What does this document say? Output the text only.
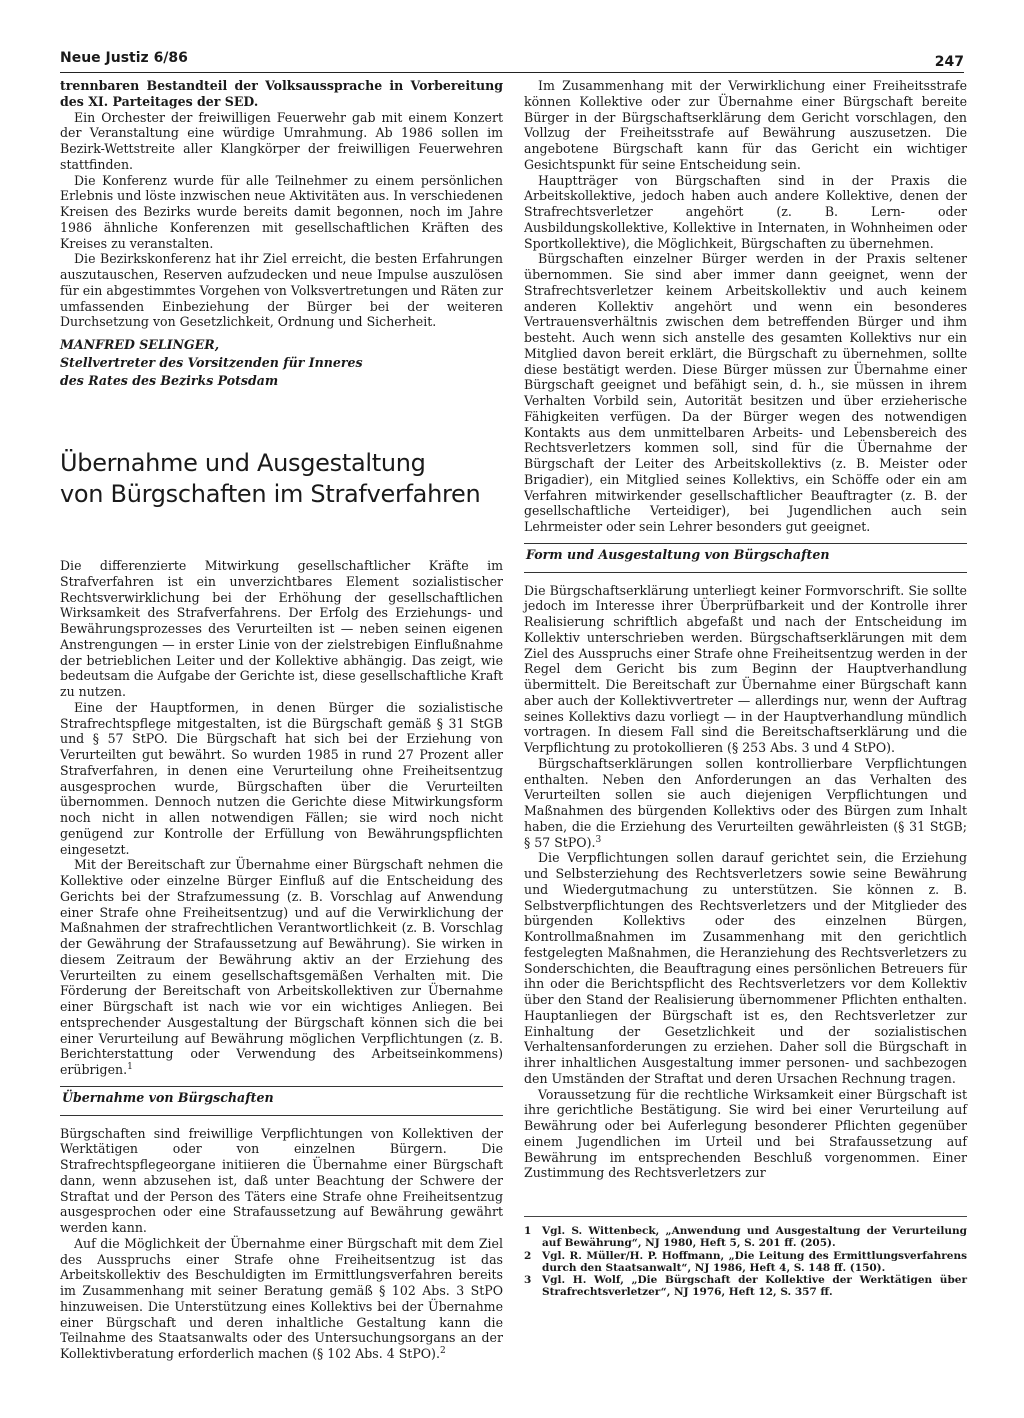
Neue Justiz 6/86	247

trennbaren Bestandteil der Volksaussprache in Vorbereitung des XI. Parteitages der SED.

Ein Orchester der freiwilligen Feuerwehr gab mit einem Konzert der Veranstaltung eine würdige Umrahmung. Ab 1986 sollen im Bezirk-Wettstreite aller Klangkörper der freiwilligen Feuerwehren stattfinden.

Die Konferenz wurde für alle Teilnehmer zu einem persönlichen Erlebnis und löste inzwischen neue Aktivitäten aus. In verschiedenen Kreisen des Bezirks wurde bereits damit begonnen, noch im Jahre 1986 ähnliche Konferenzen mit gesellschaftlichen Kräften des Kreises zu veranstalten.

Die Bezirkskonferenz hat ihr Ziel erreicht, die besten Erfahrungen auszutauschen, Reserven aufzudecken und neue Impulse auszulösen für ein abgestimmtes Vorgehen von Volksvertretungen und Räten zur umfassenden Einbeziehung der Bürger bei der weiteren Durchsetzung von Gesetzlichkeit, Ordnung und Sicherheit.

MANFRED SELINGER,
Stellvertreter des Vorsitzenden für Inneres
des Rates des Bezirks Potsdam
Übernahme und Ausgestaltung
von Bürgschaften im Strafverfahren

Die differenzierte Mitwirkung gesellschaftlicher Kräfte im Strafverfahren ist ein unverzichtbares Element sozialistischer Rechtsverwirklichung bei der Erhöhung der gesellschaftlichen Wirksamkeit des Strafverfahrens. Der Erfolg des Erziehungs- und Bewährungsprozesses des Verurteilten ist — neben seinen eigenen Anstrengungen — in erster Linie von der zielstrebigen Einflußnahme der betrieblichen Leiter und der Kollektive abhängig. Das zeigt, wie bedeutsam die Aufgabe der Gerichte ist, diese gesellschaftliche Kraft zu nutzen.

Eine der Hauptformen, in denen Bürger die sozialistische Strafrechtspflege mitgestalten, ist die Bürgschaft gemäß § 31 StGB und § 57 StPO. Die Bürgschaft hat sich bei der Erziehung von Verurteilten gut bewährt. So wurden 1985 in rund 27 Prozent aller Strafverfahren, in denen eine Verurteilung ohne Freiheitsentzug ausgesprochen wurde, Bürgschaften über die Verurteilten übernommen. Dennoch nutzen die Gerichte diese Mitwirkungsform noch nicht in allen notwendigen Fällen; sie wird noch nicht genügend zur Kontrolle der Erfüllung von Bewährungspflichten eingesetzt.

Mit der Bereitschaft zur Übernahme einer Bürgschaft nehmen die Kollektive oder einzelne Bürger Einfluß auf die Entscheidung des Gerichts bei der Strafzumessung (z. B. Vorschlag auf Anwendung einer Strafe ohne Freiheitsentzug) und auf die Verwirklichung der Maßnahmen der strafrechtlichen Verantwortlichkeit (z. B. Vorschlag der Gewährung der Strafaussetzung auf Bewährung). Sie wirken in diesem Zeitraum der Bewährung aktiv an der Erziehung des Verurteilten zu einem gesellschaftsgemäßen Verhalten mit. Die Förderung der Bereitschaft von Arbeitskollektiven zur Übernahme einer Bürgschaft ist nach wie vor ein wichtiges Anliegen. Bei entsprechender Ausgestaltung der Bürgschaft können sich die bei einer Verurteilung auf Bewährung möglichen Verpflichtungen (z. B. Berichterstattung oder Verwendung des Arbeitseinkommens) erübrigen.$^1$

Übernahme von Bürgschaften

Bürgschaften sind freiwillige Verpflichtungen von Kollektiven der Werktätigen oder von einzelnen Bürgern. Die Strafrechtspflegeorgane initiieren die Übernahme einer Bürgschaft dann, wenn abzusehen ist, daß unter Beachtung der Schwere der Straftat und der Person des Täters eine Strafe ohne Freiheitsentzug ausgesprochen oder eine Strafaussetzung auf Bewährung gewährt werden kann.

Auf die Möglichkeit der Übernahme einer Bürgschaft mit dem Ziel des Ausspruchs einer Strafe ohne Freiheitsentzug ist das Arbeitskollektiv des Beschuldigten im Ermittlungsverfahren bereits im Zusammenhang mit seiner Beratung gemäß § 102 Abs. 3 StPO hinzuweisen. Die Unterstützung eines Kollektivs bei der Übernahme einer Bürgschaft und deren inhaltliche Gestaltung kann die Teilnahme des Staatsanwalts oder des Untersuchungsorgans an der Kollektivberatung erforderlich machen (§ 102 Abs. 4 StPO).$^2$

Im Zusammenhang mit der Verwirklichung einer Freiheitsstrafe können Kollektive oder zur Übernahme einer Bürgschaft bereite Bürger in der Bürgschaftserklärung dem Gericht vorschlagen, den Vollzug der Freiheitsstrafe auf Bewährung auszusetzen. Die angebotene Bürgschaft kann für das Gericht ein wichtiger Gesichtspunkt für seine Entscheidung sein.

Hauptträger von Bürgschaften sind in der Praxis die Arbeitskollektive, jedoch haben auch andere Kollektive, denen der Strafrechtsverletzer angehört (z. B. Lern- oder Ausbildungskollektive, Kollektive in Internaten, in Wohnheimen oder Sportkollektive), die Möglichkeit, Bürgschaften zu übernehmen.

Bürgschaften einzelner Bürger werden in der Praxis seltener übernommen. Sie sind aber immer dann geeignet, wenn der Strafrechtsverletzer keinem Arbeitskollektiv und auch keinem anderen Kollektiv angehört und wenn ein besonderes Vertrauensverhältnis zwischen dem betreffenden Bürger und ihm besteht. Auch wenn sich anstelle des gesamten Kollektivs nur ein Mitglied davon bereit erklärt, die Bürgschaft zu übernehmen, sollte diese bestätigt werden. Diese Bürger müssen zur Übernahme einer Bürgschaft geeignet und befähigt sein, d. h., sie müssen in ihrem Verhalten Vorbild sein, Autorität besitzen und über erzieherische Fähigkeiten verfügen. Da der Bürger wegen des notwendigen Kontakts aus dem unmittelbaren Arbeits- und Lebensbereich des Rechtsverletzers kommen soll, sind für die Übernahme der Bürgschaft der Leiter des Arbeitskollektivs (z. B. Meister oder Brigadier), ein Mitglied seines Kollektivs, ein Schöffe oder ein am Verfahren mitwirkender gesellschaftlicher Beauftragter (z. B. der gesellschaftliche Verteidiger), bei Jugendlichen auch sein Lehrmeister oder sein Lehrer besonders gut geeignet.

Form und Ausgestaltung von Bürgschaften

Die Bürgschaftserklärung unterliegt keiner Formvorschrift. Sie sollte jedoch im Interesse ihrer Überprüfbarkeit und der Kontrolle ihrer Realisierung schriftlich abgefaßt und nach der Entscheidung im Kollektiv unterschrieben werden. Bürgschaftserklärungen mit dem Ziel des Ausspruchs einer Strafe ohne Freiheitsentzug werden in der Regel dem Gericht bis zum Beginn der Hauptverhandlung übermittelt. Die Bereitschaft zur Übernahme einer Bürgschaft kann aber auch der Kollektivvertreter — allerdings nur, wenn der Auftrag seines Kollektivs dazu vorliegt — in der Hauptverhandlung mündlich vortragen. In diesem Fall sind die Bereitschaftserklärung und die Verpflichtung zu protokollieren (§ 253 Abs. 3 und 4 StPO).

Bürgschaftserklärungen sollen kontrollierbare Verpflichtungen enthalten. Neben den Anforderungen an das Verhalten des Verurteilten sollen sie auch diejenigen Verpflichtungen und Maßnahmen des bürgenden Kollektivs oder des Bürgen zum Inhalt haben, die die Erziehung des Verurteilten gewährleisten (§ 31 StGB; § 57 StPO).$^3$

Die Verpflichtungen sollen darauf gerichtet sein, die Erziehung und Selbsterziehung des Rechtsverletzers sowie seine Bewährung und Wiedergutmachung zu unterstützen. Sie können z. B. Selbstverpflichtungen des Rechtsverletzers und der Mitglieder des bürgenden Kollektivs oder des einzelnen Bürgen, Kontrollmaßnahmen im Zusammenhang mit den gerichtlich festgelegten Maßnahmen, die Heranziehung des Rechtsverletzers zu Sonderschichten, die Beauftragung eines persönlichen Betreuers für ihn oder die Berichtspflicht des Rechtsverletzers vor dem Kollektiv über den Stand der Realisierung übernommener Pflichten enthalten. Hauptanliegen der Bürgschaft ist es, den Rechtsverletzer zur Einhaltung der Gesetzlichkeit und der sozialistischen Verhaltensanforderungen zu erziehen. Daher soll die Bürgschaft in ihrer inhaltlichen Ausgestaltung immer personen- und sachbezogen den Umständen der Straftat und deren Ursachen Rechnung tragen.

Voraussetzung für die rechtliche Wirksamkeit einer Bürgschaft ist ihre gerichtliche Bestätigung. Sie wird bei einer Verurteilung auf Bewährung oder bei Auferlegung besonderer Pflichten gegenüber einem Jugendlichen im Urteil und bei Strafaussetzung auf Bewährung im entsprechenden Beschluß vorgenommen. Einer Zustimmung des Rechtsverletzers zur

1	Vgl. S. Wittenbeck, „Anwendung und Ausgestaltung der Verurteilung auf Bewährung“, NJ 1980, Heft 5, S. 201 ff. (205).
2	Vgl. R. Müller/H. P. Hoffmann, „Die Leitung des Ermittlungsverfahrens durch den Staatsanwalt“, NJ 1986, Heft 4, S. 148 ff. (150).
3	Vgl. H. Wolf, „Die Bürgschaft der Kollektive der Werktätigen über Strafrechtsverletzer“, NJ 1976, Heft 12, S. 357 ff.
